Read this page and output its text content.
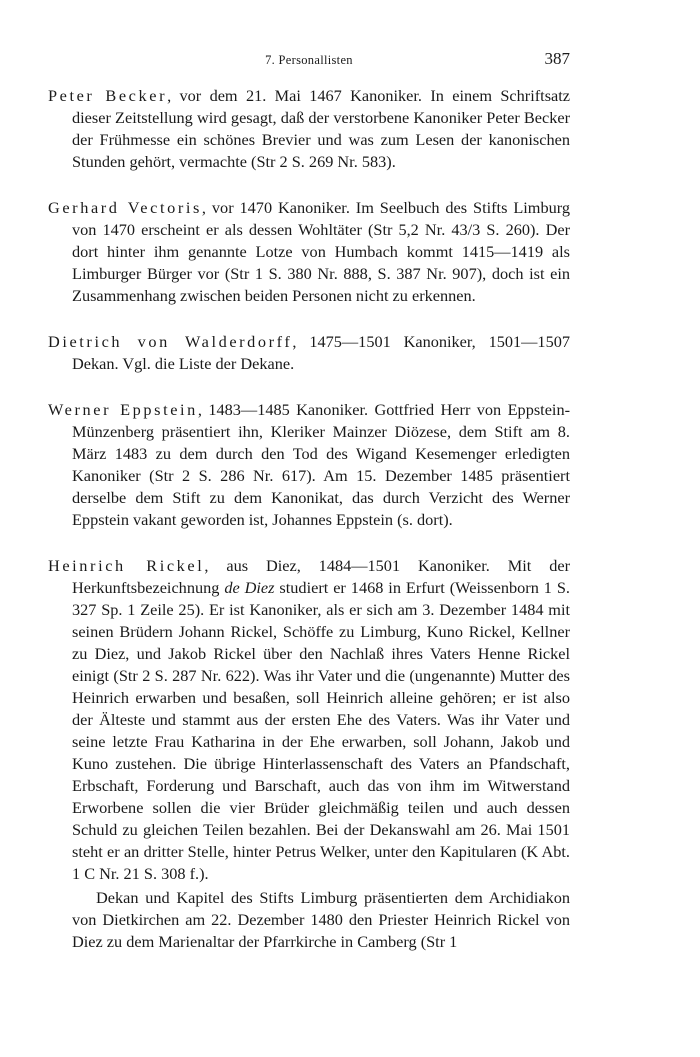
7. Personallisten	387

Peter Becker, vor dem 21. Mai 1467 Kanoniker. In einem Schriftsatz dieser Zeitstellung wird gesagt, daß der verstorbene Kanoniker Peter Becker der Frühmesse ein schönes Brevier und was zum Lesen der kanonischen Stunden gehört, vermachte (Str 2 S. 269 Nr. 583).

Gerhard Vectoris, vor 1470 Kanoniker. Im Seelbuch des Stifts Limburg von 1470 erscheint er als dessen Wohltäter (Str 5,2 Nr. 43/3 S. 260). Der dort hinter ihm genannte Lotze von Humbach kommt 1415—1419 als Limburger Bürger vor (Str 1 S. 380 Nr. 888, S. 387 Nr. 907), doch ist ein Zusammenhang zwischen beiden Personen nicht zu erkennen.

Dietrich von Walderdorff, 1475—1501 Kanoniker, 1501—1507 Dekan. Vgl. die Liste der Dekane.

Werner Eppstein, 1483—1485 Kanoniker. Gottfried Herr von Eppstein-Münzenberg präsentiert ihn, Kleriker Mainzer Diözese, dem Stift am 8. März 1483 zu dem durch den Tod des Wigand Kesemenger erledigten Kanoniker (Str 2 S. 286 Nr. 617). Am 15. Dezember 1485 präsentiert derselbe dem Stift zu dem Kanonikat, das durch Verzicht des Werner Eppstein vakant geworden ist, Johannes Eppstein (s. dort).

Heinrich Rickel, aus Diez, 1484—1501 Kanoniker. Mit der Herkunftsbezeichnung de Diez studiert er 1468 in Erfurt (Weissenborn 1 S. 327 Sp. 1 Zeile 25). Er ist Kanoniker, als er sich am 3. Dezember 1484 mit seinen Brüdern Johann Rickel, Schöffe zu Limburg, Kuno Rickel, Kellner zu Diez, und Jakob Rickel über den Nachlaß ihres Vaters Henne Rickel einigt (Str 2 S. 287 Nr. 622). Was ihr Vater und die (ungenannte) Mutter des Heinrich erwarben und besaßen, soll Heinrich alleine gehören; er ist also der Älteste und stammt aus der ersten Ehe des Vaters. Was ihr Vater und seine letzte Frau Katharina in der Ehe erwarben, soll Johann, Jakob und Kuno zustehen. Die übrige Hinterlassenschaft des Vaters an Pfandschaft, Erbschaft, Forderung und Barschaft, auch das von ihm im Witwerstand Erworbene sollen die vier Brüder gleichmäßig teilen und auch dessen Schuld zu gleichen Teilen bezahlen. Bei der Dekanswahl am 26. Mai 1501 steht er an dritter Stelle, hinter Petrus Welker, unter den Kapitularen (K Abt. 1 C Nr. 21 S. 308 f.).

Dekan und Kapitel des Stifts Limburg präsentierten dem Archidiakon von Dietkirchen am 22. Dezember 1480 den Priester Heinrich Rickel von Diez zu dem Marienaltar der Pfarrkirche in Camberg (Str 1
